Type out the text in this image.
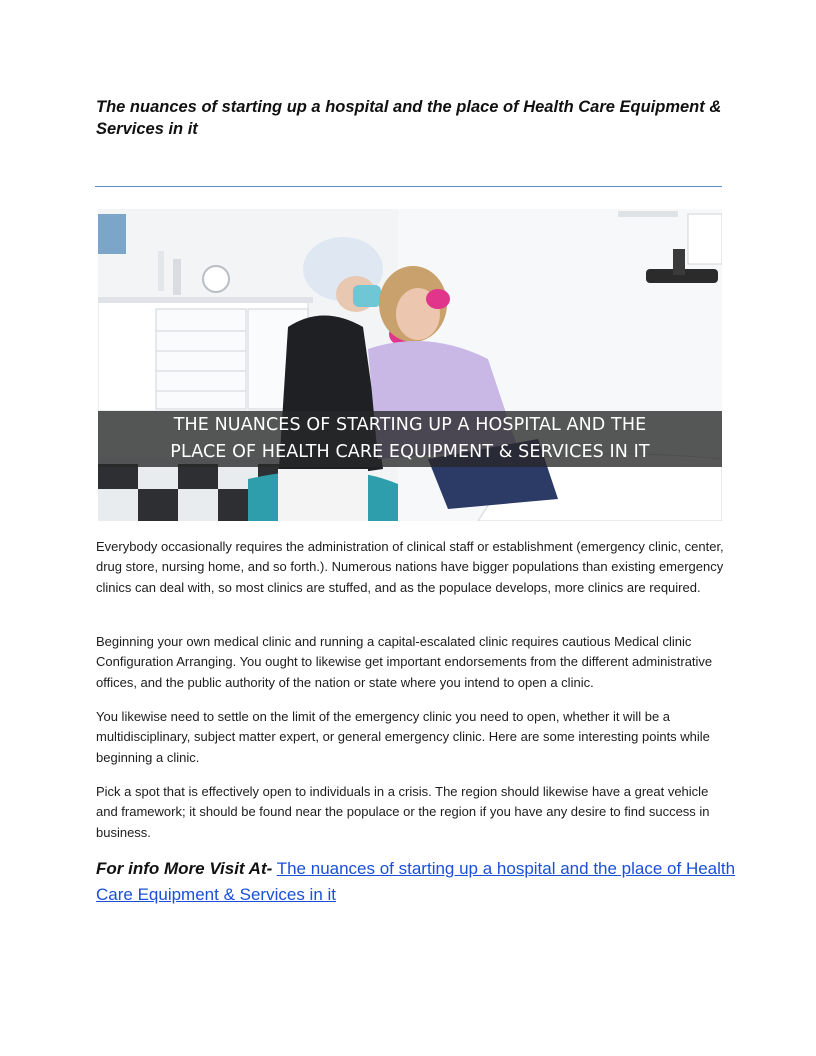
The nuances of starting up a hospital and the place of Health Care Equipment & Services in it
THE NUANCES OF STARTING UP A HOSPITAL AND THE
PLACE OF HEALTH CARE EQUIPMENT & SERVICES IN IT

Everybody occasionally requires the administration of clinical staff or establishment (emergency clinic, center, drug store, nursing home, and so forth.). Numerous nations have bigger populations than existing emergency clinics can deal with, so most clinics are stuffed, and as the populace develops, more clinics are required.

Beginning your own medical clinic and running a capital-escalated clinic requires cautious Medical clinic Configuration Arranging. You ought to likewise get important endorsements from the different administrative offices, and the public authority of the nation or state where you intend to open a clinic.

You likewise need to settle on the limit of the emergency clinic you need to open, whether it will be a multidisciplinary, subject matter expert, or general emergency clinic. Here are some interesting points while beginning a clinic.

Pick a spot that is effectively open to individuals in a crisis. The region should likewise have a great vehicle and framework; it should be found near the populace or the region if you have any desire to find success in business.

For info More Visit At- The nuances of starting up a hospital and the place of Health Care Equipment & Services in it
